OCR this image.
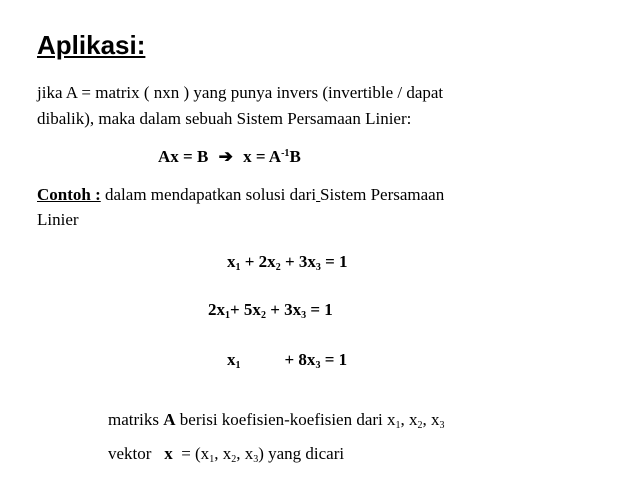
Aplikasi:
jika A = matrix ( nxn ) yang punya invers (invertible / dapat
dibalik), maka dalam sebuah Sistem Persamaan Linier:
Ax = B ➔ $x = A^{-1}B$
Contoh : dalam mendapatkan solusi dari Sistem Persamaan
Linier
$x_1 + 2x_2 + 3x_3 = 1$
$2x_1+ 5x_2 + 3x_3 = 1$
$x_1$	+ $8x_3 = 1$
matriks A berisi koefisien-koefisien dari $x_1$, $x_2$, $x_3$
vektor   $x = (x_1$, $x_2$, $x_3$) yang dicari
